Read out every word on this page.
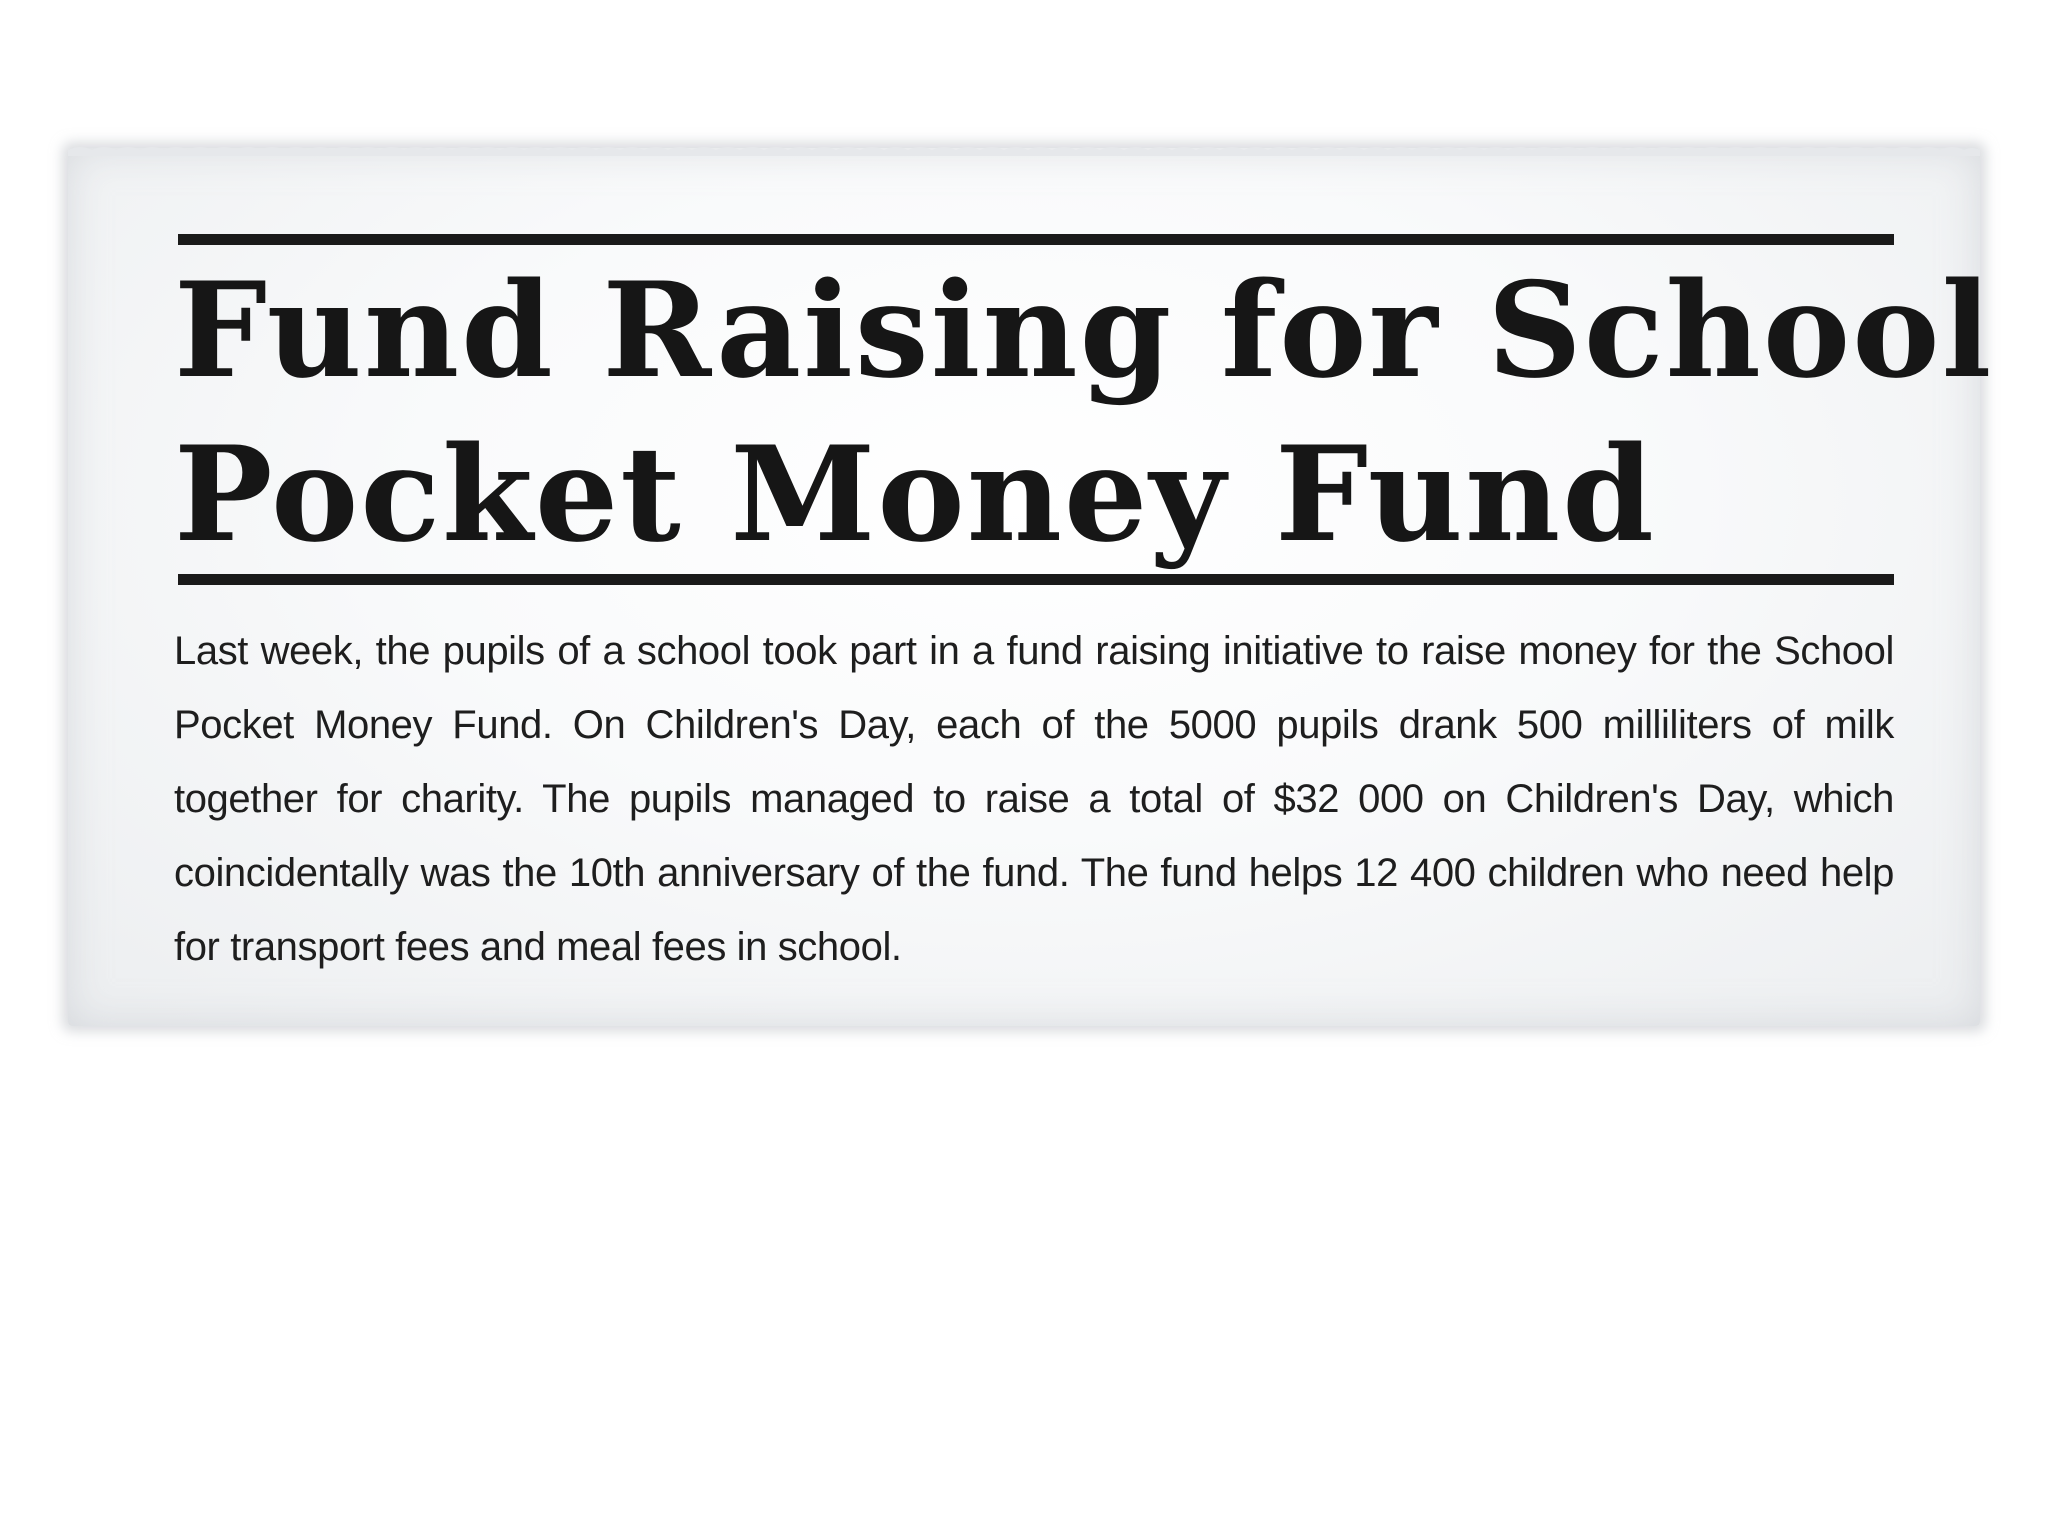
Fund Raising for School
Pocket Money Fund

Last week, the pupils of a school took part in a fund raising initiative to raise money for the School Pocket Money Fund. On Children's Day, each of the 5000 pupils drank 500 milliliters of milk together for charity. The pupils managed to raise a total of $32 000 on Children's Day, which coincidentally was the 10th anniversary of the fund. The fund helps 12 400 children who need help for transport fees and meal fees in school.
